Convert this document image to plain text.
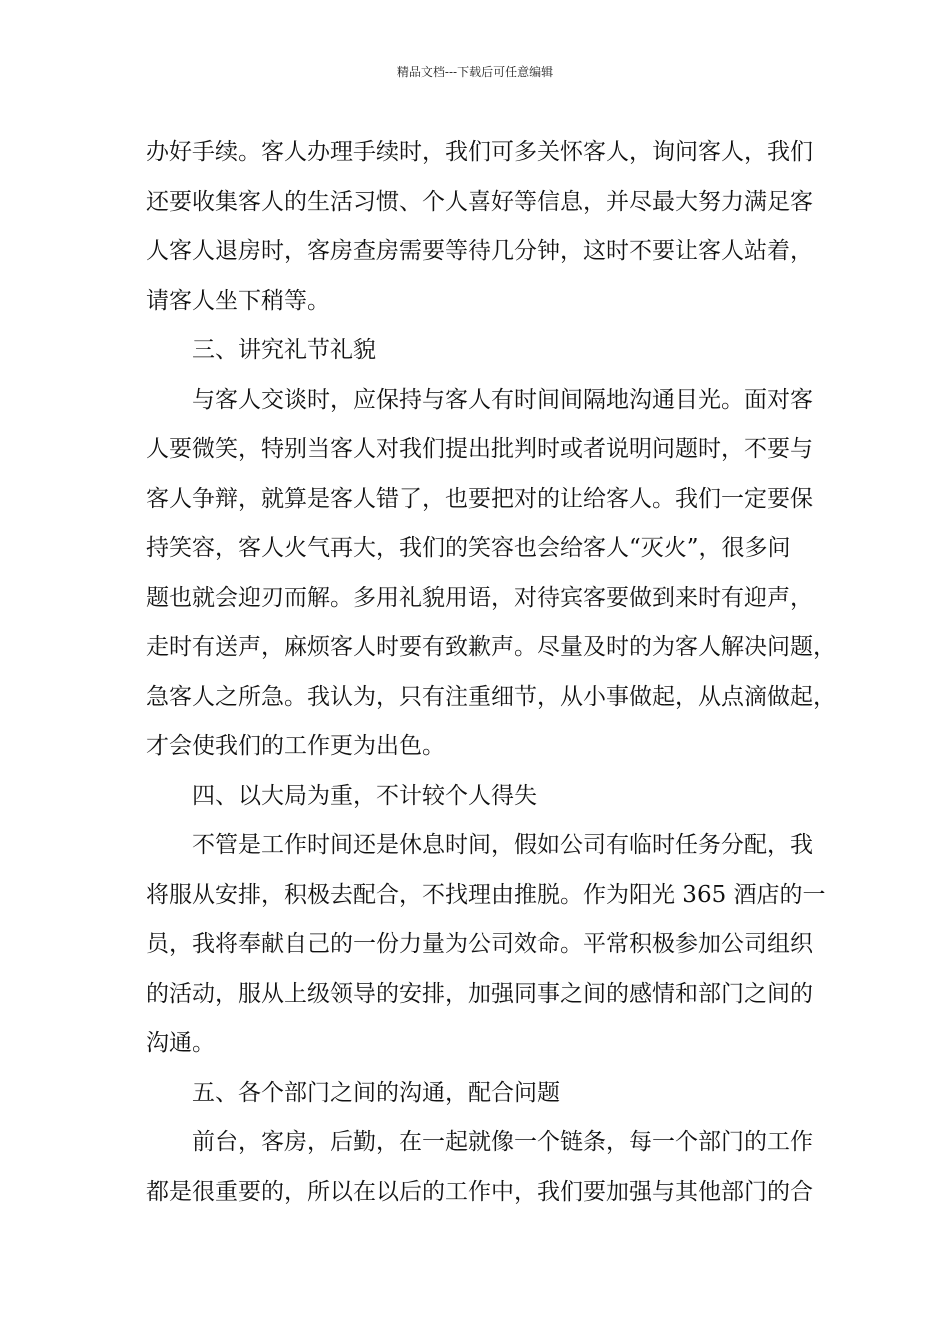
精品文档---下载后可任意编辑
办好手续。客人办理手续时，我们可多关怀客人，询问客人，我们
还要收集客人的生活习惯、个人喜好等信息，并尽最大努力满足客
人客人退房时，客房查房需要等待几分钟，这时不要让客人站着，
请客人坐下稍等。
三、讲究礼节礼貌
与客人交谈时，应保持与客人有时间间隔地沟通目光。面对客
人要微笑，特别当客人对我们提出批判时或者说明问题时，不要与
客人争辩，就算是客人错了，也要把对的让给客人。我们一定要保
持笑容，客人火气再大，我们的笑容也会给客人“灭火”，很多问
题也就会迎刃而解。多用礼貌用语，对待宾客要做到来时有迎声，
走时有送声，麻烦客人时要有致歉声。尽量及时的为客人解决问题，
急客人之所急。我认为，只有注重细节，从小事做起，从点滴做起，
才会使我们的工作更为出色。
四、以大局为重，不计较个人得失
不管是工作时间还是休息时间，假如公司有临时任务分配，我
将服从安排，积极去配合，不找理由推脱。作为阳光 365 酒店的一
员，我将奉献自己的一份力量为公司效命。平常积极参加公司组织
的活动，服从上级领导的安排，加强同事之间的感情和部门之间的
沟通。
五、各个部门之间的沟通，配合问题
前台，客房，后勤，在一起就像一个链条，每一个部门的工作
都是很重要的，所以在以后的工作中，我们要加强与其他部门的合
